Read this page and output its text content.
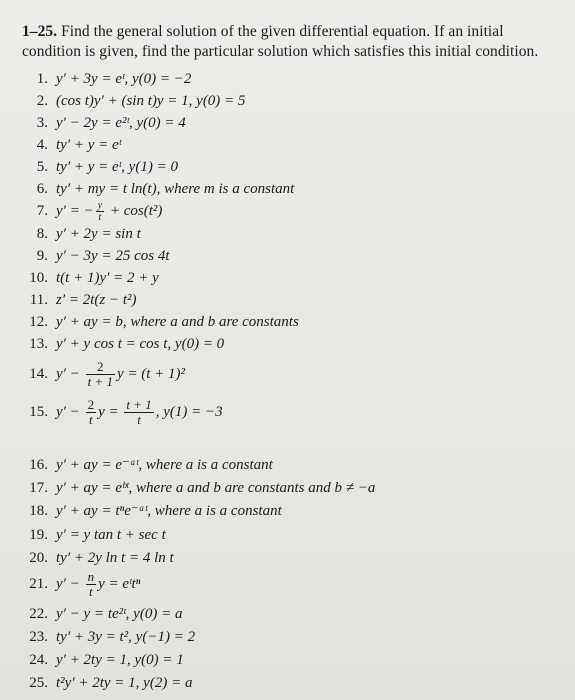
1–25. Find the general solution of the given differential equation. If an initial condition is given, find the particular solution which satisfies this initial condition.
1. y′ + 3y = eᵗ, y(0) = −2
2. (cos t)y′ + (sin t)y = 1, y(0) = 5
3. y′ − 2y = e²ᵗ, y(0) = 4
4. ty′ + y = eᵗ
5. ty′ + y = eᵗ, y(1) = 0
6. ty′ + my = t ln(t), where m is a constant
7. y′ = − $\frac{y}{t} + \cos(t^2)$
8. y′ + 2y = sin t
9. y′ − 3y = 25 cos 4t
10. t(t + 1)y′ = 2 + y
11. z′ = 2t(z − t²)
12. y′ + ay = b, where a and b are constants
13. y′ + y cos t = cos t, y(0) = 0
14. $y' - \frac{2}{t + 1}$ y = (t + 1)²
15. $y' - \frac{2}{t}$ $y = \frac{t + 1}{t}$ , y(1) = −3
16. y′ + ay = e⁻ᵃᵗ, where a is a constant
17. y′ + ay = eᵇᵗ, where a and b are constants and b ≠ −a
18. y′ + ay = tⁿe⁻ᵃᵗ, where a is a constant
19. y′ = y tan t + sec t
20. ty′ + 2y ln t = 4 ln t
21. $y' - \frac{n}{t}$ y = eᵗtⁿ
22. y′ − y = te²ᵗ, y(0) = a
23. ty′ + 3y = t², y(−1) = 2
24. y′ + 2ty = 1, y(0) = 1
25. t²y′ + 2ty = 1, y(2) = a
